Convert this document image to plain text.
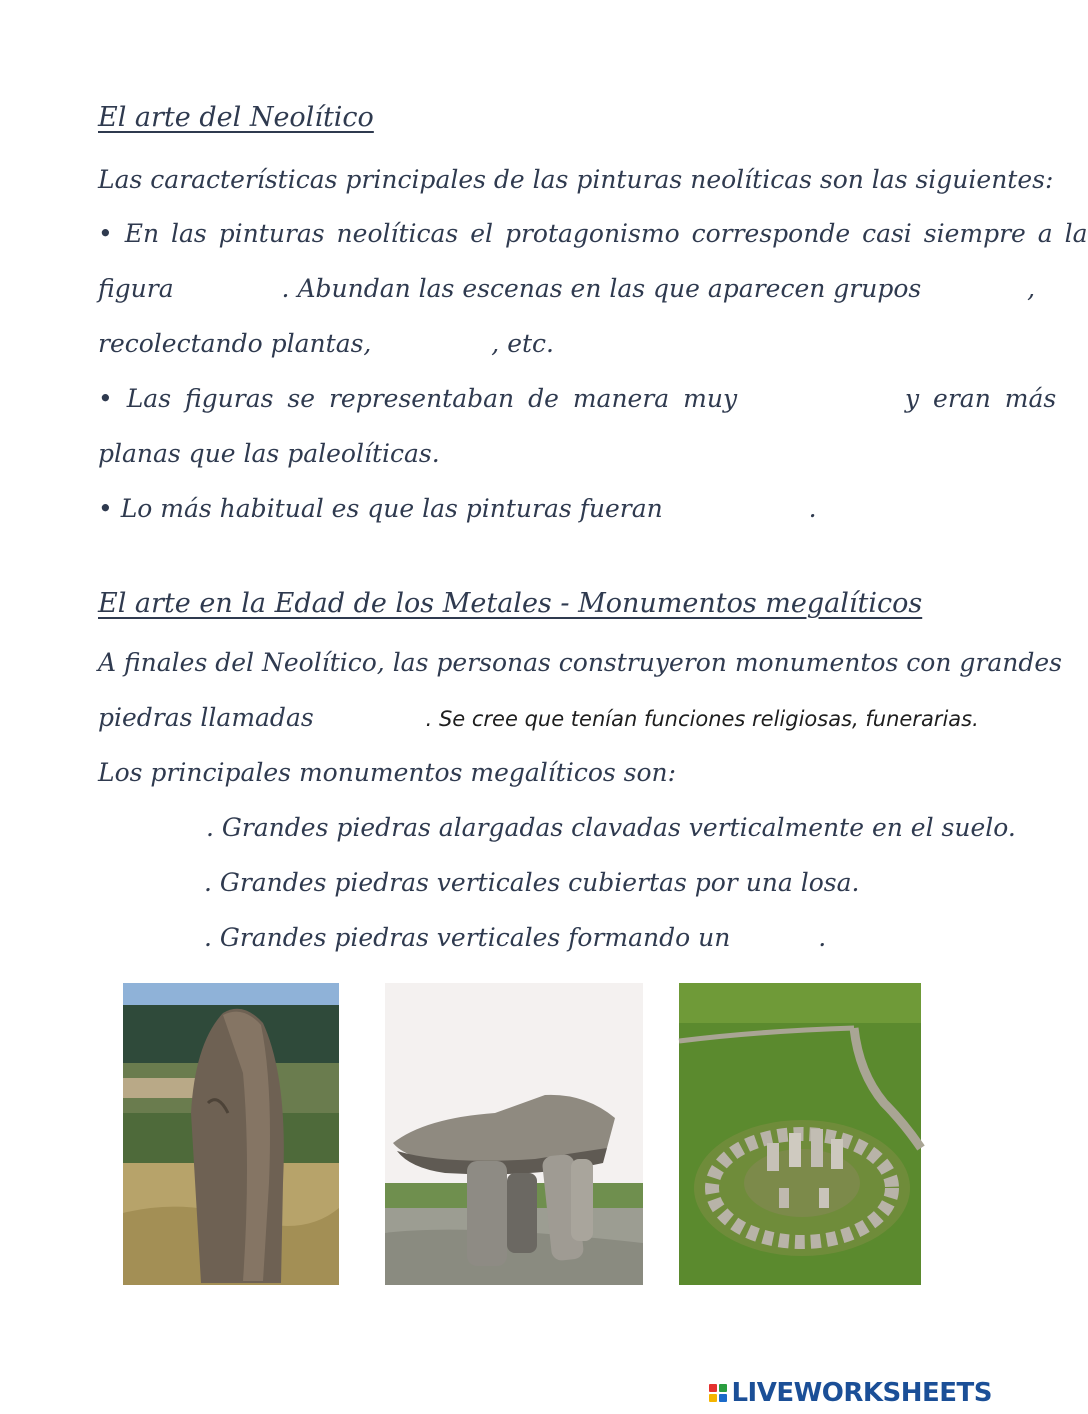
El arte del Neolítico
Las características principales de las pinturas neolíticas son las siguientes:
• En las pinturas neolíticas el protagonismo corresponde casi siempre a la
figura	. Abundan las escenas en las que aparecen grupos	,
recolectando plantas,	, etc.
• Las figuras se representaban de manera muy	y eran más
planas que las paleolíticas.
• Lo más habitual es que las pinturas fueran	.
El arte en la Edad de los Metales - Monumentos megalíticos
A finales del Neolítico, las personas construyeron monumentos con grandes
piedras llamadas	. Se cree que tenían funciones religiosas, funerarias.
Los principales monumentos megalíticos son:
. Grandes piedras alargadas clavadas verticalmente en el suelo.
. Grandes piedras verticales cubiertas por una losa.
. Grandes piedras verticales formando un	.
LIVEWORKSHEETS
